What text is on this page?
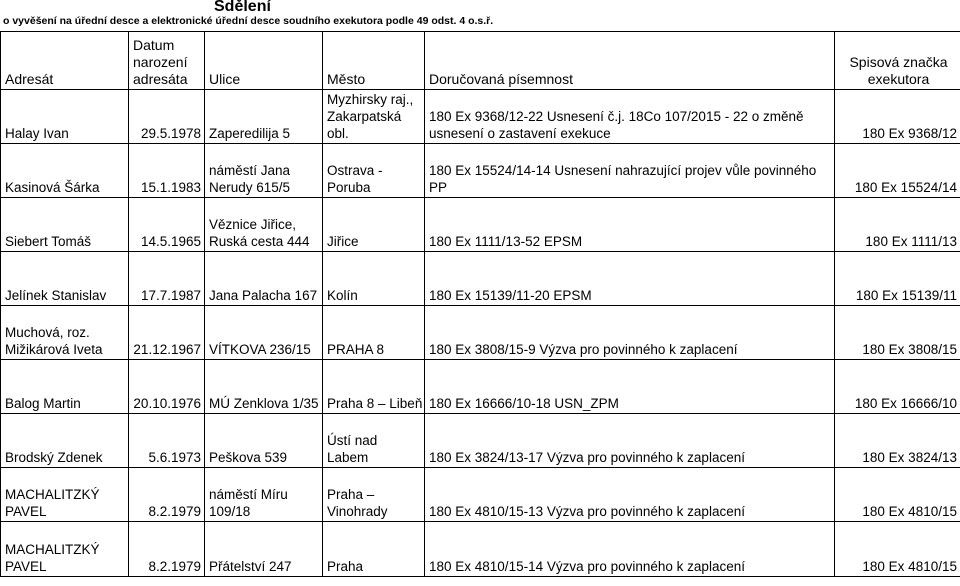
Sdělení
o vyvěšení na úřední desce a elektronické úřední desce soudního exekutora podle 49 odst. 4 o.s.ř.
Adresát	Datum narození adresáta	Ulice	Město	Doručovaná písemnost	Spisová značka exekutora
Halay Ivan	29.5.1978	Zaperedilija 5	Myzhirsky raj., Zakarpatská obl.	180 Ex 9368/12-22 Usnesení č.j. 18Co 107/2015 - 22 o změně usnesení o zastavení exekuce	180 Ex 9368/12
Kasinová Šárka	15.1.1983	náměstí Jana Nerudy 615/5	Ostrava - Poruba	180 Ex 15524/14-14 Usnesení nahrazující projev vůle povinného PP	180 Ex 15524/14
Siebert Tomáš	14.5.1965	Věznice Jiřice, Ruská cesta 444	Jiřice	180 Ex 1111/13-52 EPSM	180 Ex 1111/13
Jelínek Stanislav	17.7.1987	Jana Palacha 167	Kolín	180 Ex 15139/11-20 EPSM	180 Ex 15139/11
Muchová, roz. Mižikárová Iveta	21.12.1967	VÍTKOVA 236/15	PRAHA 8	180 Ex 3808/15-9 Výzva pro povinného k zaplacení	180 Ex 3808/15
Balog Martin	20.10.1976	MÚ Zenklova 1/35	Praha 8 – Libeň	180 Ex 16666/10-18 USN_ZPM	180 Ex 16666/10
Brodský Zdenek	5.6.1973	Peškova 539	Ústí nad Labem	180 Ex 3824/13-17 Výzva pro povinného k zaplacení	180 Ex 3824/13
MACHALITZKÝ PAVEL	8.2.1979	náměstí Míru 109/18	Praha – Vinohrady	180 Ex 4810/15-13 Výzva pro povinného k zaplacení	180 Ex 4810/15
MACHALITZKÝ PAVEL	8.2.1979	Přátelství 247	Praha	180 Ex 4810/15-14 Výzva pro povinného k zaplacení	180 Ex 4810/15
